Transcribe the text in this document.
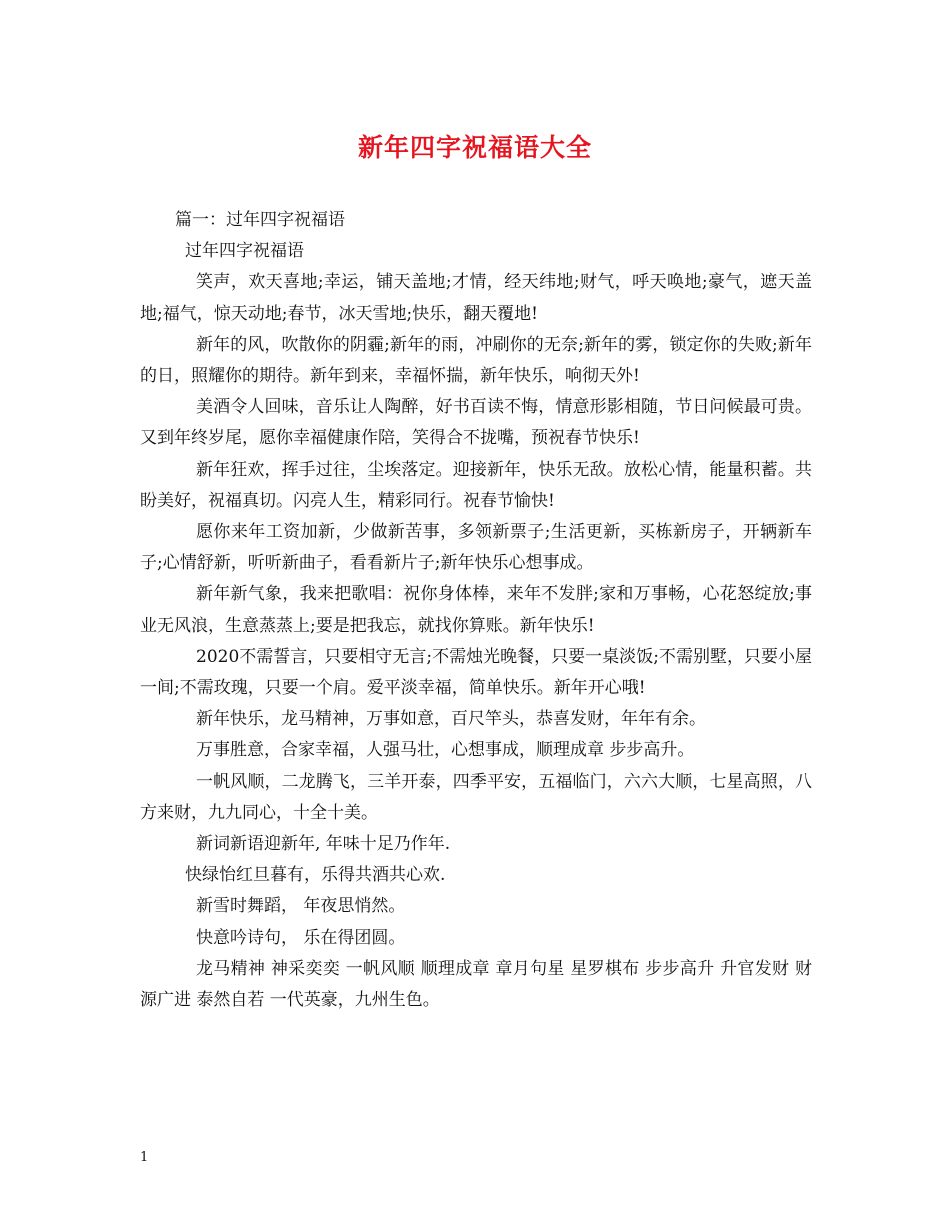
新年四字祝福语大全

篇一：过年四字祝福语

过年四字祝福语

笑声，欢天喜地;幸运，铺天盖地;才情，经天纬地;财气，呼天唤地;豪气，遮天盖地;福气，惊天动地;春节，冰天雪地;快乐，翻天覆地!

新年的风，吹散你的阴霾;新年的雨，冲刷你的无奈;新年的雾，锁定你的失败;新年的日，照耀你的期待。新年到来，幸福怀揣，新年快乐，响彻天外!

美酒令人回味，音乐让人陶醉，好书百读不悔，情意形影相随，节日问候最可贵。又到年终岁尾，愿你幸福健康作陪，笑得合不拢嘴，预祝春节快乐!

新年狂欢，挥手过往，尘埃落定。迎接新年，快乐无敌。放松心情，能量积蓄。共盼美好，祝福真切。闪亮人生，精彩同行。祝春节愉快!

愿你来年工资加新，少做新苦事，多领新票子;生活更新，买栋新房子，开辆新车子;心情舒新，听听新曲子，看看新片子;新年快乐心想事成。

新年新气象，我来把歌唱：祝你身体棒，来年不发胖;家和万事畅，心花怒绽放;事业无风浪，生意蒸蒸上;要是把我忘，就找你算账。新年快乐!

2020不需誓言，只要相守无言;不需烛光晚餐，只要一桌淡饭;不需别墅，只要小屋一间;不需玫瑰，只要一个肩。爱平淡幸福，简单快乐。新年开心哦!

新年快乐，龙马精神，万事如意，百尺竿头，恭喜发财，年年有余。

万事胜意，合家幸福，人强马壮，心想事成，顺理成章 步步高升。

一帆风顺，二龙腾飞，三羊开泰，四季平安，五福临门，六六大顺，七星高照，八方来财，九九同心，十全十美。

新词新语迎新年, 年味十足乃作年.

快绿怡红旦暮有，乐得共酒共心欢.

新雪时舞蹈， 年夜思悄然。

快意吟诗句， 乐在得团圆。

龙马精神 神采奕奕 一帆风顺 顺理成章 章月句星 星罗棋布 步步高升 升官发财 财源广进 泰然自若 一代英豪，九州生色。

1
